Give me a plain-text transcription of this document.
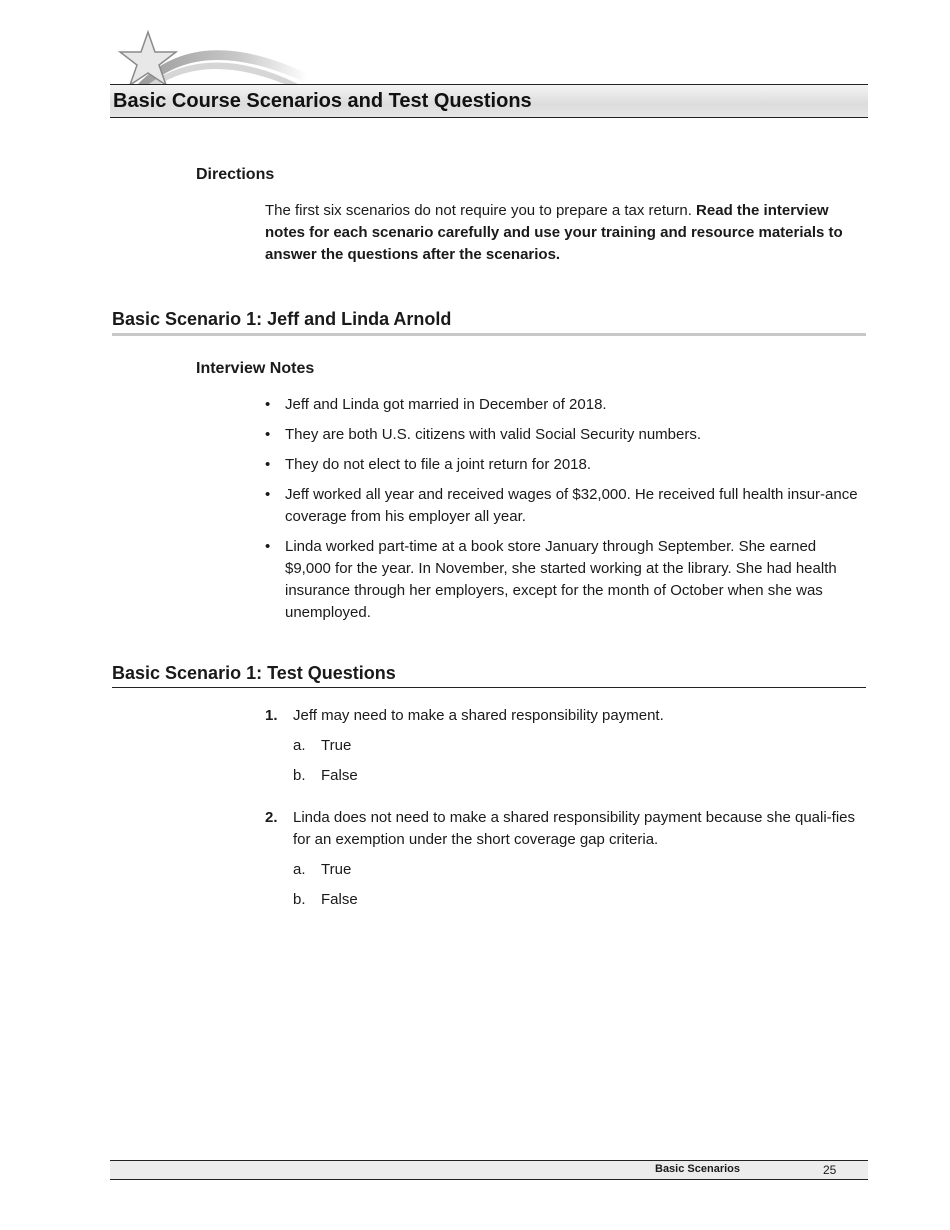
Basic Course Scenarios and Test Questions
Directions

The first six scenarios do not require you to prepare a tax return. Read the interview notes for each scenario carefully and use your training and resource materials to answer the questions after the scenarios.

Basic Scenario 1: Jeff and Linda Arnold
Interview Notes
• Jeff and Linda got married in December of 2018.
• They are both U.S. citizens with valid Social Security numbers.
• They do not elect to file a joint return for 2018.
• Jeff worked all year and received wages of $32,000. He received full health insur-ance coverage from his employer all year.
• Linda worked part-time at a book store January through September. She earned $9,000 for the year. In November, she started working at the library. She had health insurance through her employers, except for the month of October when she was unemployed.
Basic Scenario 1: Test Questions
1. Jeff may need to make a shared responsibility payment.
a. True
b. False
2. Linda does not need to make a shared responsibility payment because she quali-fies for an exemption under the short coverage gap criteria.
a. True
b. False
Basic Scenarios	25
